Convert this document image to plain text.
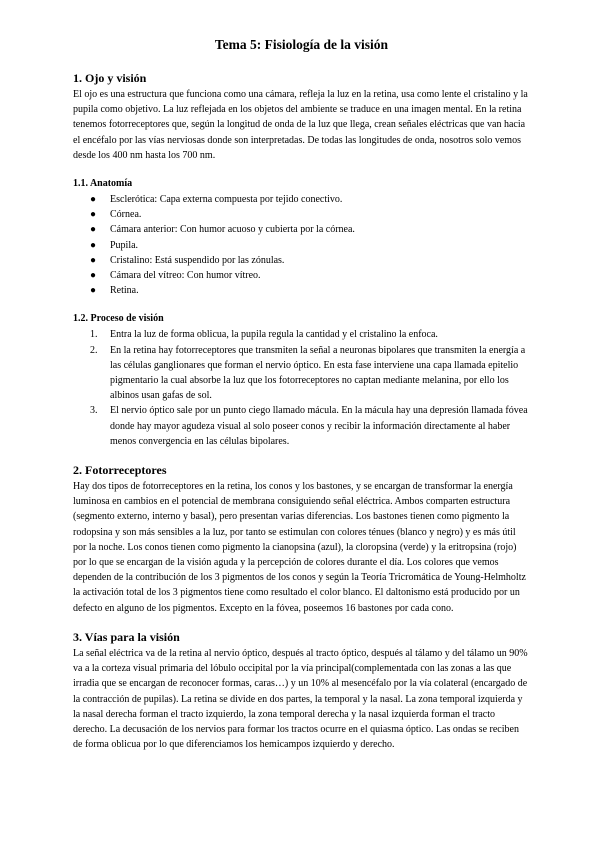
Tema 5: Fisiología de la visión
1. Ojo y visión

El ojo es una estructura que funciona como una cámara, refleja la luz en la retina, usa como lente el cristalino y la pupila como objetivo. La luz reflejada en los objetos del ambiente se traduce en una imagen mental. En la retina tenemos fotorreceptores que, según la longitud de onda de la luz que llega, crean señales eléctricas que van hacia el encéfalo por las vías nerviosas donde son interpretadas. De todas las longitudes de onda, nosotros solo vemos desde los 400 nm hasta los 700 nm.

1.1. Anatomía
● Esclerótica: Capa externa compuesta por tejido conectivo.
● Córnea.
● Cámara anterior: Con humor acuoso y cubierta por la córnea.
● Pupila.
● Cristalino: Está suspendido por las zónulas.
● Cámara del vítreo: Con humor vítreo.
● Retina.
1.2. Proceso de visión
1. Entra la luz de forma oblicua, la pupila regula la cantidad y el cristalino la enfoca.
2. En la retina hay fotorreceptores que transmiten la señal a neuronas bipolares que transmiten la energía a las células ganglionares que forman el nervio óptico. En esta fase interviene una capa llamada epitelio pigmentario la cual absorbe la luz que los fotorreceptores no captan mediante melanina, por ello los albinos usan gafas de sol.
3. El nervio óptico sale por un punto ciego llamado mácula. En la mácula hay una depresión llamada fóvea donde hay mayor agudeza visual al solo poseer conos y recibir la información directamente al haber menos convergencia en las células bipolares.
2. Fotorreceptores

Hay dos tipos de fotorreceptores en la retina, los conos y los bastones, y se encargan de transformar la energía luminosa en cambios en el potencial de membrana consiguiendo señal eléctrica. Ambos comparten estructura (segmento externo, interno y basal), pero presentan varias diferencias. Los bastones tienen como pigmento la rodopsina y son más sensibles a la luz, por tanto se estimulan con colores ténues (blanco y negro) y es más útil por la noche. Los conos tienen como pigmento la cianopsina (azul), la cloropsina (verde) y la eritropsina (rojo) por lo que se encargan de la visión aguda y la percepción de colores durante el día. Los colores que vemos dependen de la contribución de los 3 pigmentos de los conos y según la Teoría Tricromática de Young-Helmholtz la activación total de los 3 pigmentos tiene como resultado el color blanco. El daltonismo está producido por un defecto en alguno de los pigmentos. Excepto en la fóvea, poseemos 16 bastones por cada cono.

3. Vías para la visión

La señal eléctrica va de la retina al nervio óptico, después al tracto óptico, después al tálamo y del tálamo un 90% va a la corteza visual primaria del lóbulo occipital por la vía principal(complementada con las zonas a las que irradia que se encargan de reconocer formas, caras…) y un 10% al mesencéfalo por la vía colateral (encargado de la contracción de pupilas). La retina se divide en dos partes, la temporal y la nasal. La zona temporal izquierda y la nasal derecha forman el tracto izquierdo, la zona temporal derecha y la nasal izquierda forman el tracto derecho. La decusación de los nervios para formar los tractos ocurre en el quiasma óptico. Las ondas se reciben de forma oblicua por lo que diferenciamos los hemicampos izquierdo y derecho.
